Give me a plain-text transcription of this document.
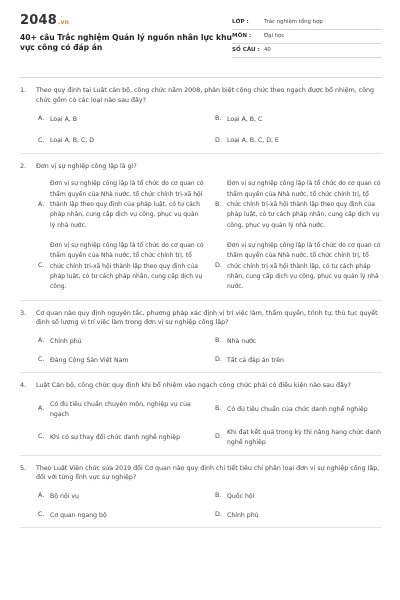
2048 .vn
40+ câu Trắc nghiệm Quản lý nguồn nhân lực khu vực công có đáp án
LỚP :	Trắc nghiệm tổng hợp
MÔN :	Đại học
SỐ CÂU : 40
1.	Theo quy định tại Luật cán bộ, công chức năm 2008, phân biệt công chức theo ngạch được bổ nhiệm, công chức gồm có các loại nào sau đây?
A. Loại A, B	B. Loại A, B, C
C. Loại A, B, C, D	D. Loại A, B, C, D, E
2.	Đơn vị sự nghiệp công lập là gì?
A.
Đơn vị sự nghiệp công lập là tổ chức do cơ quan có thẩm quyền của Nhà nước, tổ chức chính trị-xã hội thành lập theo quy định của pháp luật, có tư cách pháp nhân, cung cấp dịch vụ công, phục vụ quản lý nhà nước.
B.
Đơn vị sự nghiệp công lập là tổ chức do cơ quan có thẩm quyền của Nhà nước, tổ chức chính trị, tổ chức chính trị-xã hội thành lập theo quy định của pháp luật, có tư cách pháp nhân, cung cấp dịch vụ công, phục vụ quản lý nhà nước.
C.
Đơn vị sự nghiệp công lập là tổ chức do cơ quan có thẩm quyền của Nhà nước, tổ chức chính trị, tổ chức chính trị-xã hội thành lập theo quy định của pháp luật, có tư cách pháp nhân, cung cấp dịch vụ công.
D.
Đơn vị sự nghiệp công lập là tổ chức do cơ quan có thẩm quyền của Nhà nước, tổ chức chính trị, tổ chức chính trị-xã hội thành lập, có tư cách pháp nhân, cung cấp dịch vụ công, phục vụ quản lý nhà nước.
3.	Cơ quan nào quy định nguyên tắc, phương pháp xác định vị trí việc làm, thẩm quyền, trình tự, thủ tục quyết định số lượng vị trí việc làm trong đơn vị sự nghiệp công lập?
A. Chính phủ	B. Nhà nước
C. Đảng Cộng Sản Việt Nam	D. Tất cả đáp án trên
4.	Luật Cán bộ, công chức quy định khi bổ nhiệm vào ngạch công chức phải có điều kiện nào sau đây?
A.
Có đủ tiêu chuẩn chuyên môn, nghiệp vụ của ngạch
B. Có đủ tiêu chuẩn của chức danh nghề nghiệp
C. Khi có sự thay đổi chức danh nghề nghiệp	D.
Khi đạt kết quả trong kỳ thi nâng hạng chức danh nghề nghiệp
5.	Theo Luật Viên chức sửa 2019 đối Cơ quan nào quy định chi tiết tiêu chí phân loại đơn vị sự nghiệp công lập, đối với từng lĩnh vực sự nghiệp?
A. Bộ nội vụ	B. Quốc hội
C. Cơ quan ngang bộ	D. Chính phủ
